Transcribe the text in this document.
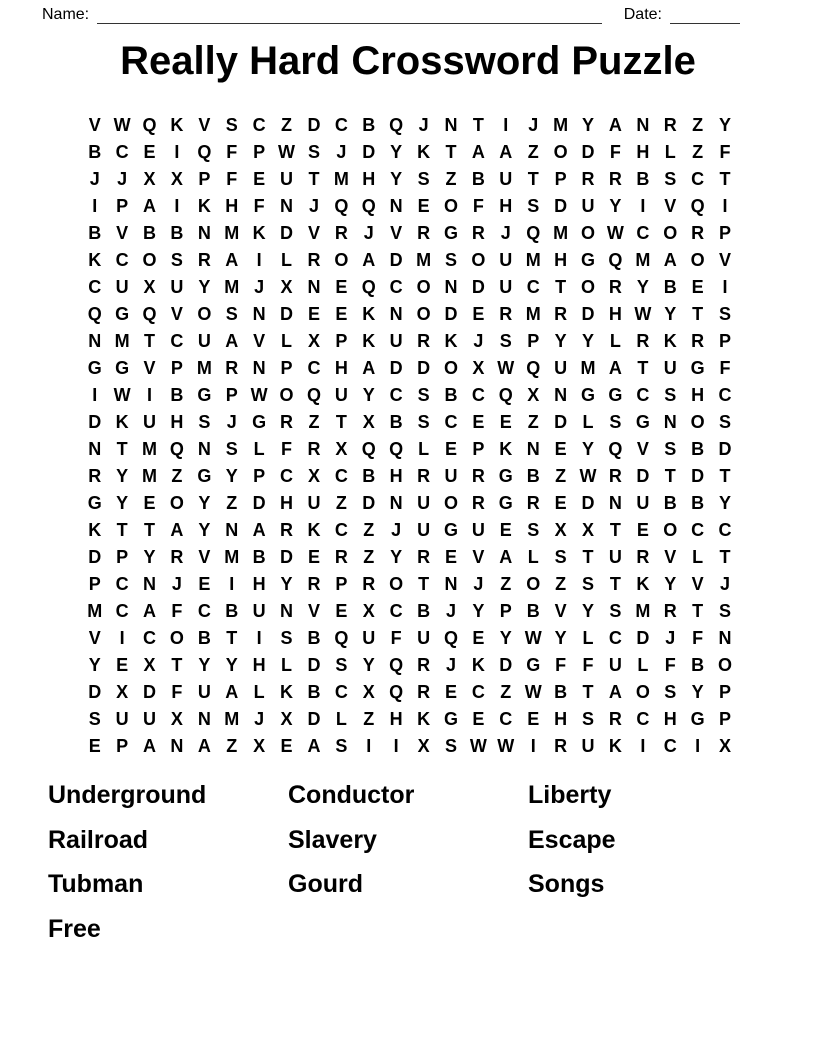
Name:	Date:
Really Hard Crossword Puzzle
V W Q K V S C Z D C B Q J N T	I	J M Y A N R Z Y
B C E	I Q F P W S J D Y K T A A Z O D F H L Z F
J J X X P F E U T M H Y S Z B U T P R R B S C T
I	P A	I	K H F N J Q Q N E O F H S D U Y	I	V Q I
B V B B N M K D V R J V R G R J Q M O W C O R P
K C O S R A	I	L R O A D M S O U M H G Q M A O V
C U X U Y M J X N E Q C O N D U C T O R Y B E	I
Q G Q V O S N D E E K N O D E R M R D H W Y T S
N M T C U A V L X P K U R K J S P Y Y L R K R P
G G V P M R N P C H A D D O X W Q U M A T U G F
I W I	B G P W O Q U Y C S B C Q X N G G C S H C
D K U H S J G R Z T X B S C E E Z D L S G N O S
N T M Q N S L F R X Q Q L E P K N E Y Q V S B D
R Y M Z G Y P C X C B H R U R G B Z W R D T D T
G Y E O Y Z D H U Z D N U O R G R E D N U B B Y
K T T A Y N A R K C Z J U G U E S X X T E O C C
D P Y R V M B D E R Z Y R E V A L S T U R V L T
P C N J E	I	H Y R P R O T N J Z O Z S T K Y V J
M C A F C B U N V E X C B J Y P B V Y S M R T S
V	I	C O B T	I	S B Q U F U Q E Y W Y L C D J F N
Y E X T Y Y H L D S Y Q R J K D G F F U L F B O
D X D F U A L K B C X Q R E C Z W B T A O S Y P
S U U X N M J X D L Z H K G E C E H S R C H G P
E P A N A Z X E A S	I	I	X S W W I	R U K	I	C	I	X
Underground
Railroad
Tubman
Free
Conductor
Slavery
Gourd
Liberty
Escape
Songs
